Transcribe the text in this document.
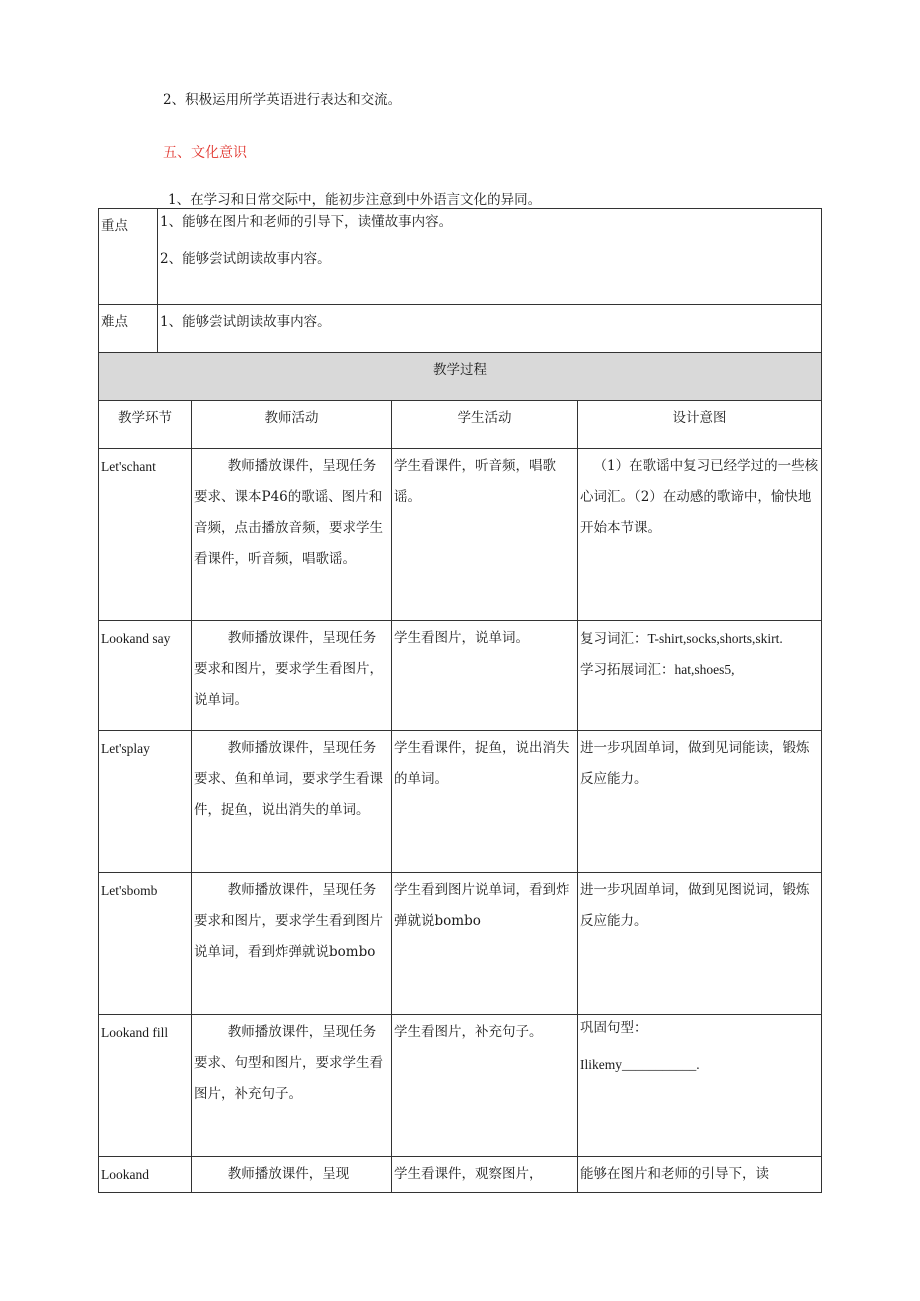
2、积极运用所学英语进行表达和交流。
五、文化意识
1、在学习和日常交际中，能初步注意到中外语言文化的异同。
重点	1、能够在图片和老师的引导下，读懂故事内容。
2、能够尝试朗读故事内容。			

难点	1、能够尝试朗读故事内容。			
教学过程				
教学环节		教师活动	学生活动	设计意图
Let'schant		教师播放课件，呈现任务要求、课本P46的歌谣、图片和音频，点击播放音频，要求学生看课件，听音频，唱歌谣。	学生看课件，听音频，唱歌谣。	（1）在歌谣中复习已经学过的一些核心词汇。（2）在动感的歌谛中，愉快地开始本节课。
Lookand say		教师播放课件，呈现任务要求和图片，要求学生看图片，说单词。	学生看图片，说单词。	复习词汇：T-shirt,socks,shorts,skirt.
学习拓展词汇：hat,shoes5,

Let'splay		教师播放课件，呈现任务要求、鱼和单词，要求学生看课件，捉鱼，说出消失的单词。	学生看课件，捉鱼，说出消失的单词。	进一步巩固单词，做到见词能读，锻炼反应能力。
Let'sbomb		教师播放课件，呈现任务要求和图片，要求学生看到图片说单词，看到炸弹就说bombo	学生看到图片说单词，看到炸弹就说bombo	进一步巩固单词，做到见图说词，锻炼反应能力。
Lookand fill		教师播放课件，呈现任务要求、句型和图片，要求学生看图片，补充句子。	学生看图片，补充句子。	巩固句型：
Ilikemy___________.

Lookand		教师播放课件，呈现	学生看课件，观察图片，	能够在图片和老师的引导下，读
